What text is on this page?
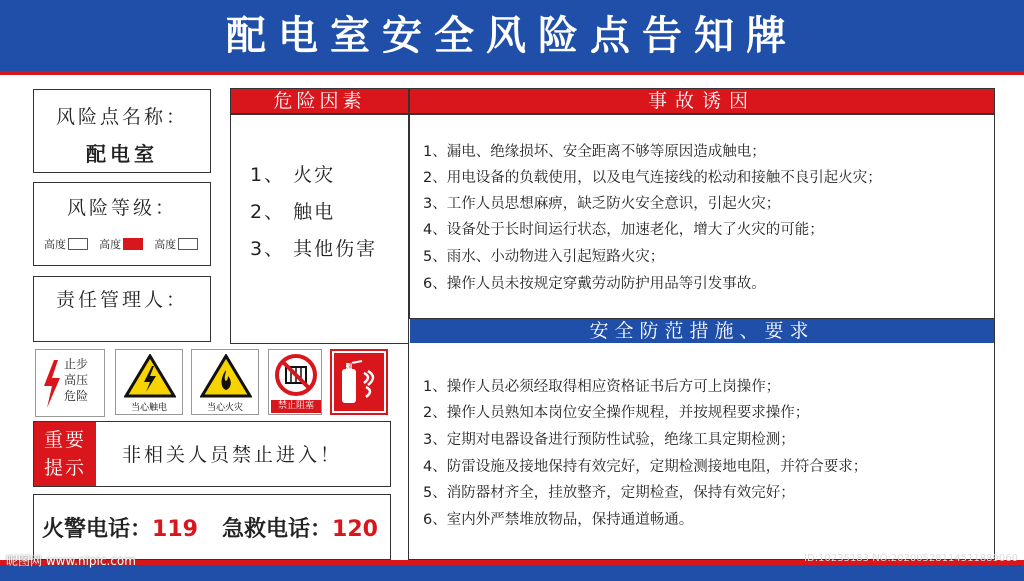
配电室安全风险点告知牌
风险点名称：
配电室
风险等级：
高度
	高度
	高度
责任管理人：
危险因素
1、 火灾
2、 触电
3、 其他伤害
事故诱因
1、漏电、绝缘损坏、安全距离不够等原因造成触电；
2、用电设备的负载使用，以及电气连接线的松动和接触不良引起火灾；
3、工作人员思想麻痹，缺乏防火安全意识，引起火灾；
4、设备处于长时间运行状态，加速老化，增大了火灾的可能；
5、雨水、小动物进入引起短路火灾；
6、操作人员未按规定穿戴劳动防护用品等引发事故。
安全防范措施、要求
1、操作人员必须经取得相应资格证书后方可上岗操作；
2、操作人员熟知本岗位安全操作规程，并按规程要求操作；
3、定期对电器设备进行预防性试验，绝缘工具定期检测；
4、防雷设施及接地保持有效完好，定期检测接地电阻，并符合要求；
5、消防器材齐全，挂放整齐，定期检查，保持有效完好；
6、室内外严禁堆放物品，保持通道畅通。
止步
高压
危险
当心触电	当心火灾	禁止阻塞
灭火器
重要提示
非相关人员禁止进入！
火警电话：119 急救电话：120
昵图网 www.nipic.com	ID:10235183 NO:20200528114511889060
